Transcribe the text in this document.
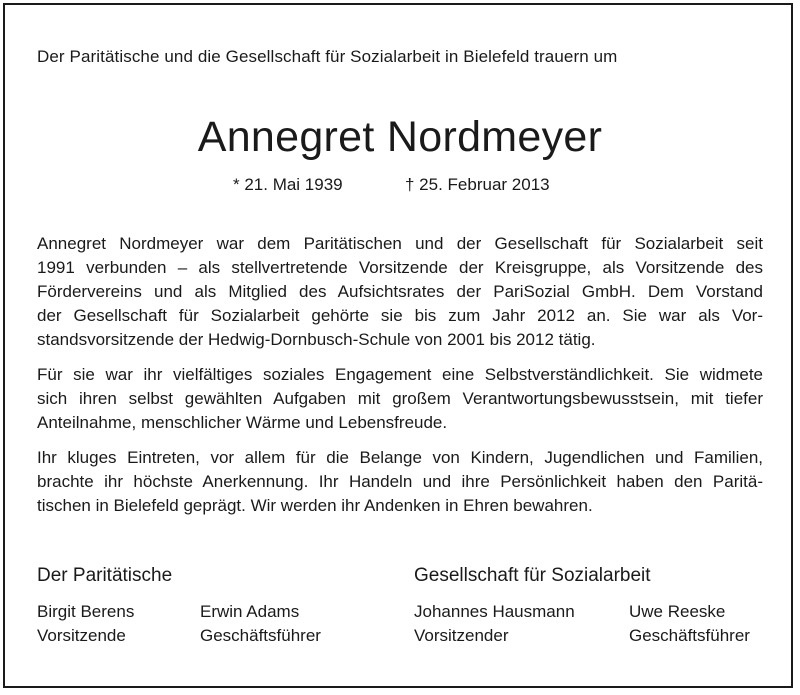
Der Paritätische und die Gesellschaft für Sozialarbeit in Bielefeld trauern um
Annegret Nordmeyer
* 21. Mai 1939	† 25. Februar 2013
Annegret Nordmeyer war dem Paritätischen und der Gesellschaft für Sozialarbeit seit
1991 verbunden – als stellvertretende Vorsitzende der Kreisgruppe, als Vorsitzende des
Fördervereins und als Mitglied des Aufsichtsrates der PariSozial GmbH. Dem Vorstand
der Gesellschaft für Sozialarbeit gehörte sie bis zum Jahr 2012 an. Sie war als Vor-
standsvorsitzende der Hedwig-Dornbusch-Schule von 2001 bis 2012 tätig.
Für sie war ihr vielfältiges soziales Engagement eine Selbstverständlichkeit. Sie widmete
sich ihren selbst gewählten Aufgaben mit großem Verantwortungsbewusstsein, mit tiefer
Anteilnahme, menschlicher Wärme und Lebensfreude.
Ihr kluges Eintreten, vor allem für die Belange von Kindern, Jugendlichen und Familien,
brachte ihr höchste Anerkennung. Ihr Handeln und ihre Persönlichkeit haben den Paritä-
tischen in Bielefeld geprägt. Wir werden ihr Andenken in Ehren bewahren.
Der Paritätische	Gesellschaft für Sozialarbeit
Birgit Berens
Vorsitzende
Erwin Adams
Geschäftsführer
Johannes Hausmann
Vorsitzender
Uwe Reeske
Geschäftsführer
